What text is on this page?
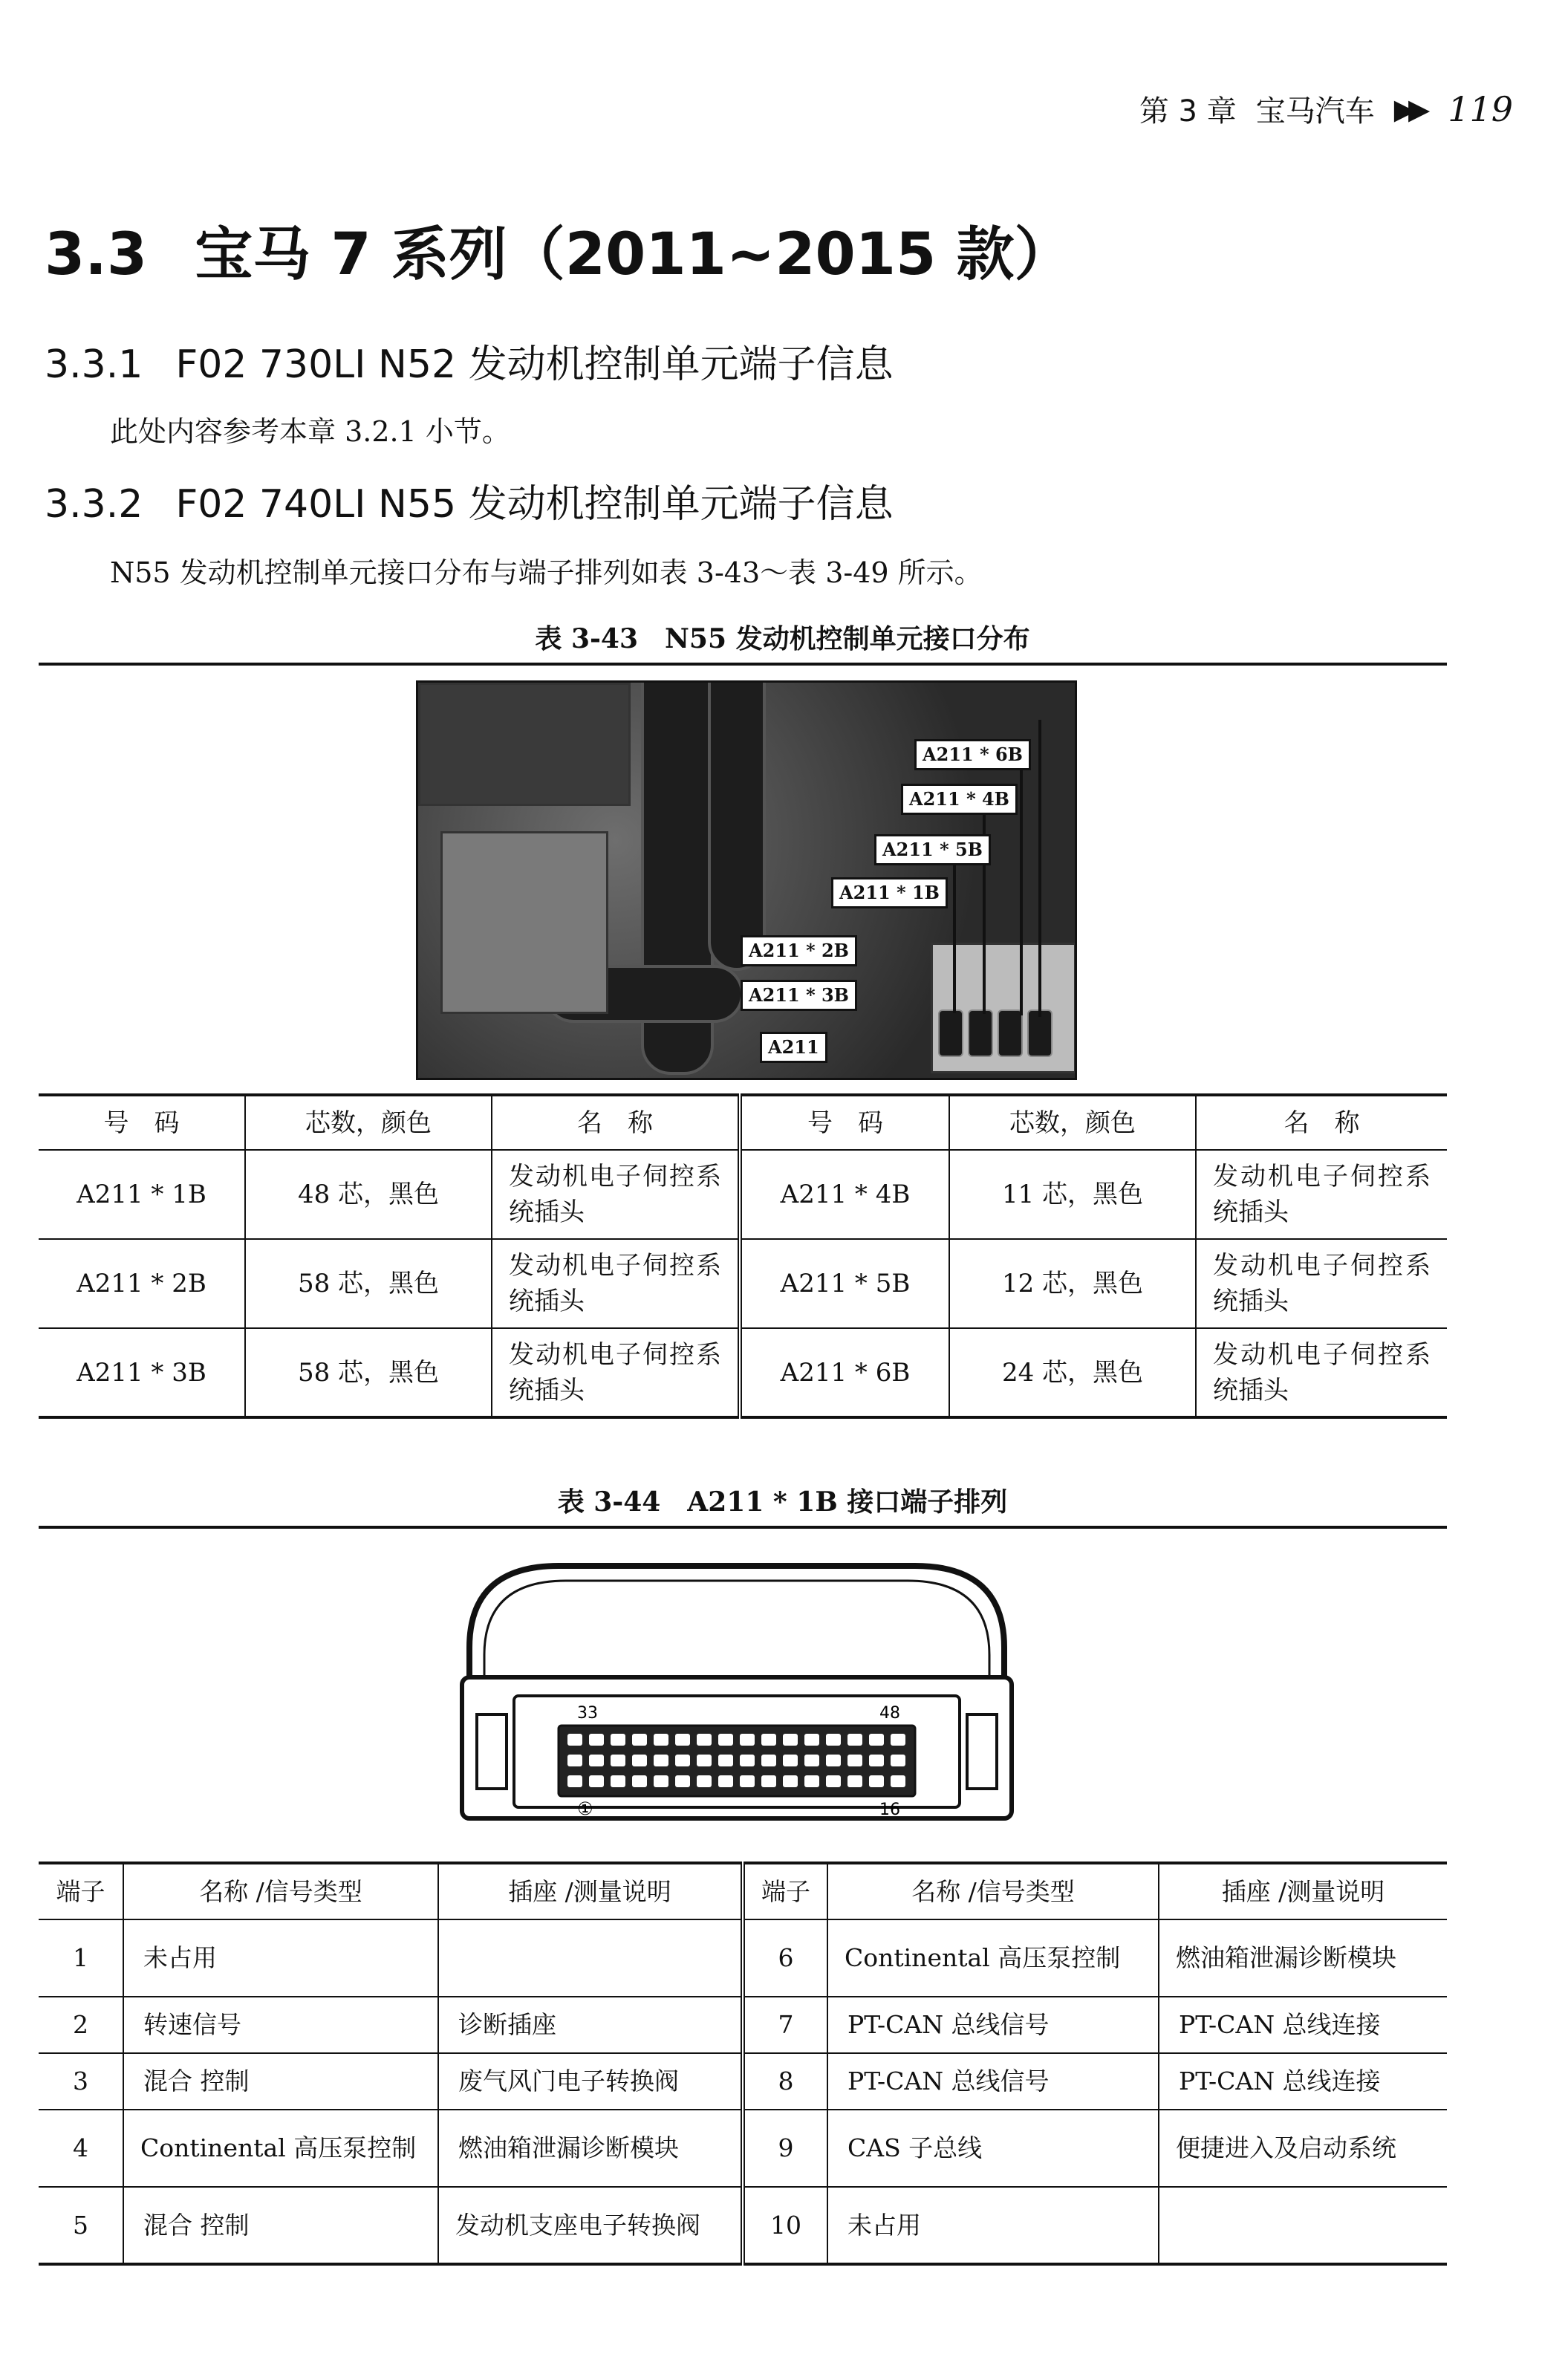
第 3 章 宝马汽车 ▶▶ 119
3.3 宝马 7 系列（2011~2015 款）
3.3.1 F02 730LI N52 发动机控制单元端子信息
此处内容参考本章 3.2.1 小节。
3.3.2 F02 740LI N55 发动机控制单元端子信息
N55 发动机控制单元接口分布与端子排列如表 3-43～表 3-49 所示。
表 3-43　N55 发动机控制单元接口分布
A211 * 6B
A211 * 4B
A211 * 5B
A211 * 1B
A211 * 2B
A211 * 3B
A211
号　码	芯数，颜色	名　称	号　码	芯数，颜色	名　称
A211 * 1B	48 芯，黑色	发动机电子伺控系统插头	A211 * 4B	11 芯，黑色	发动机电子伺控系统插头
A211 * 2B	58 芯，黑色	发动机电子伺控系统插头	A211 * 5B	12 芯，黑色	发动机电子伺控系统插头
A211 * 3B	58 芯，黑色	发动机电子伺控系统插头	A211 * 6B	24 芯，黑色	发动机电子伺控系统插头
表 3-44　A211 * 1B 接口端子排列
33	48
①	16
端子	名称 /信号类型	插座 /测量说明	端子	名称 /信号类型	插座 /测量说明
1	未占用		6	Continental 高压泵控制	燃油箱泄漏诊断模块
2	转速信号	诊断插座	7	PT-CAN 总线信号	PT-CAN 总线连接
3	混合 控制	废气风门电子转换阀	8	PT-CAN 总线信号	PT-CAN 总线连接
4	Continental 高压泵控制	燃油箱泄漏诊断模块	9	CAS 子总线	便捷进入及启动系统
5	混合 控制	发动机支座电子转换阀	10	未占用	
